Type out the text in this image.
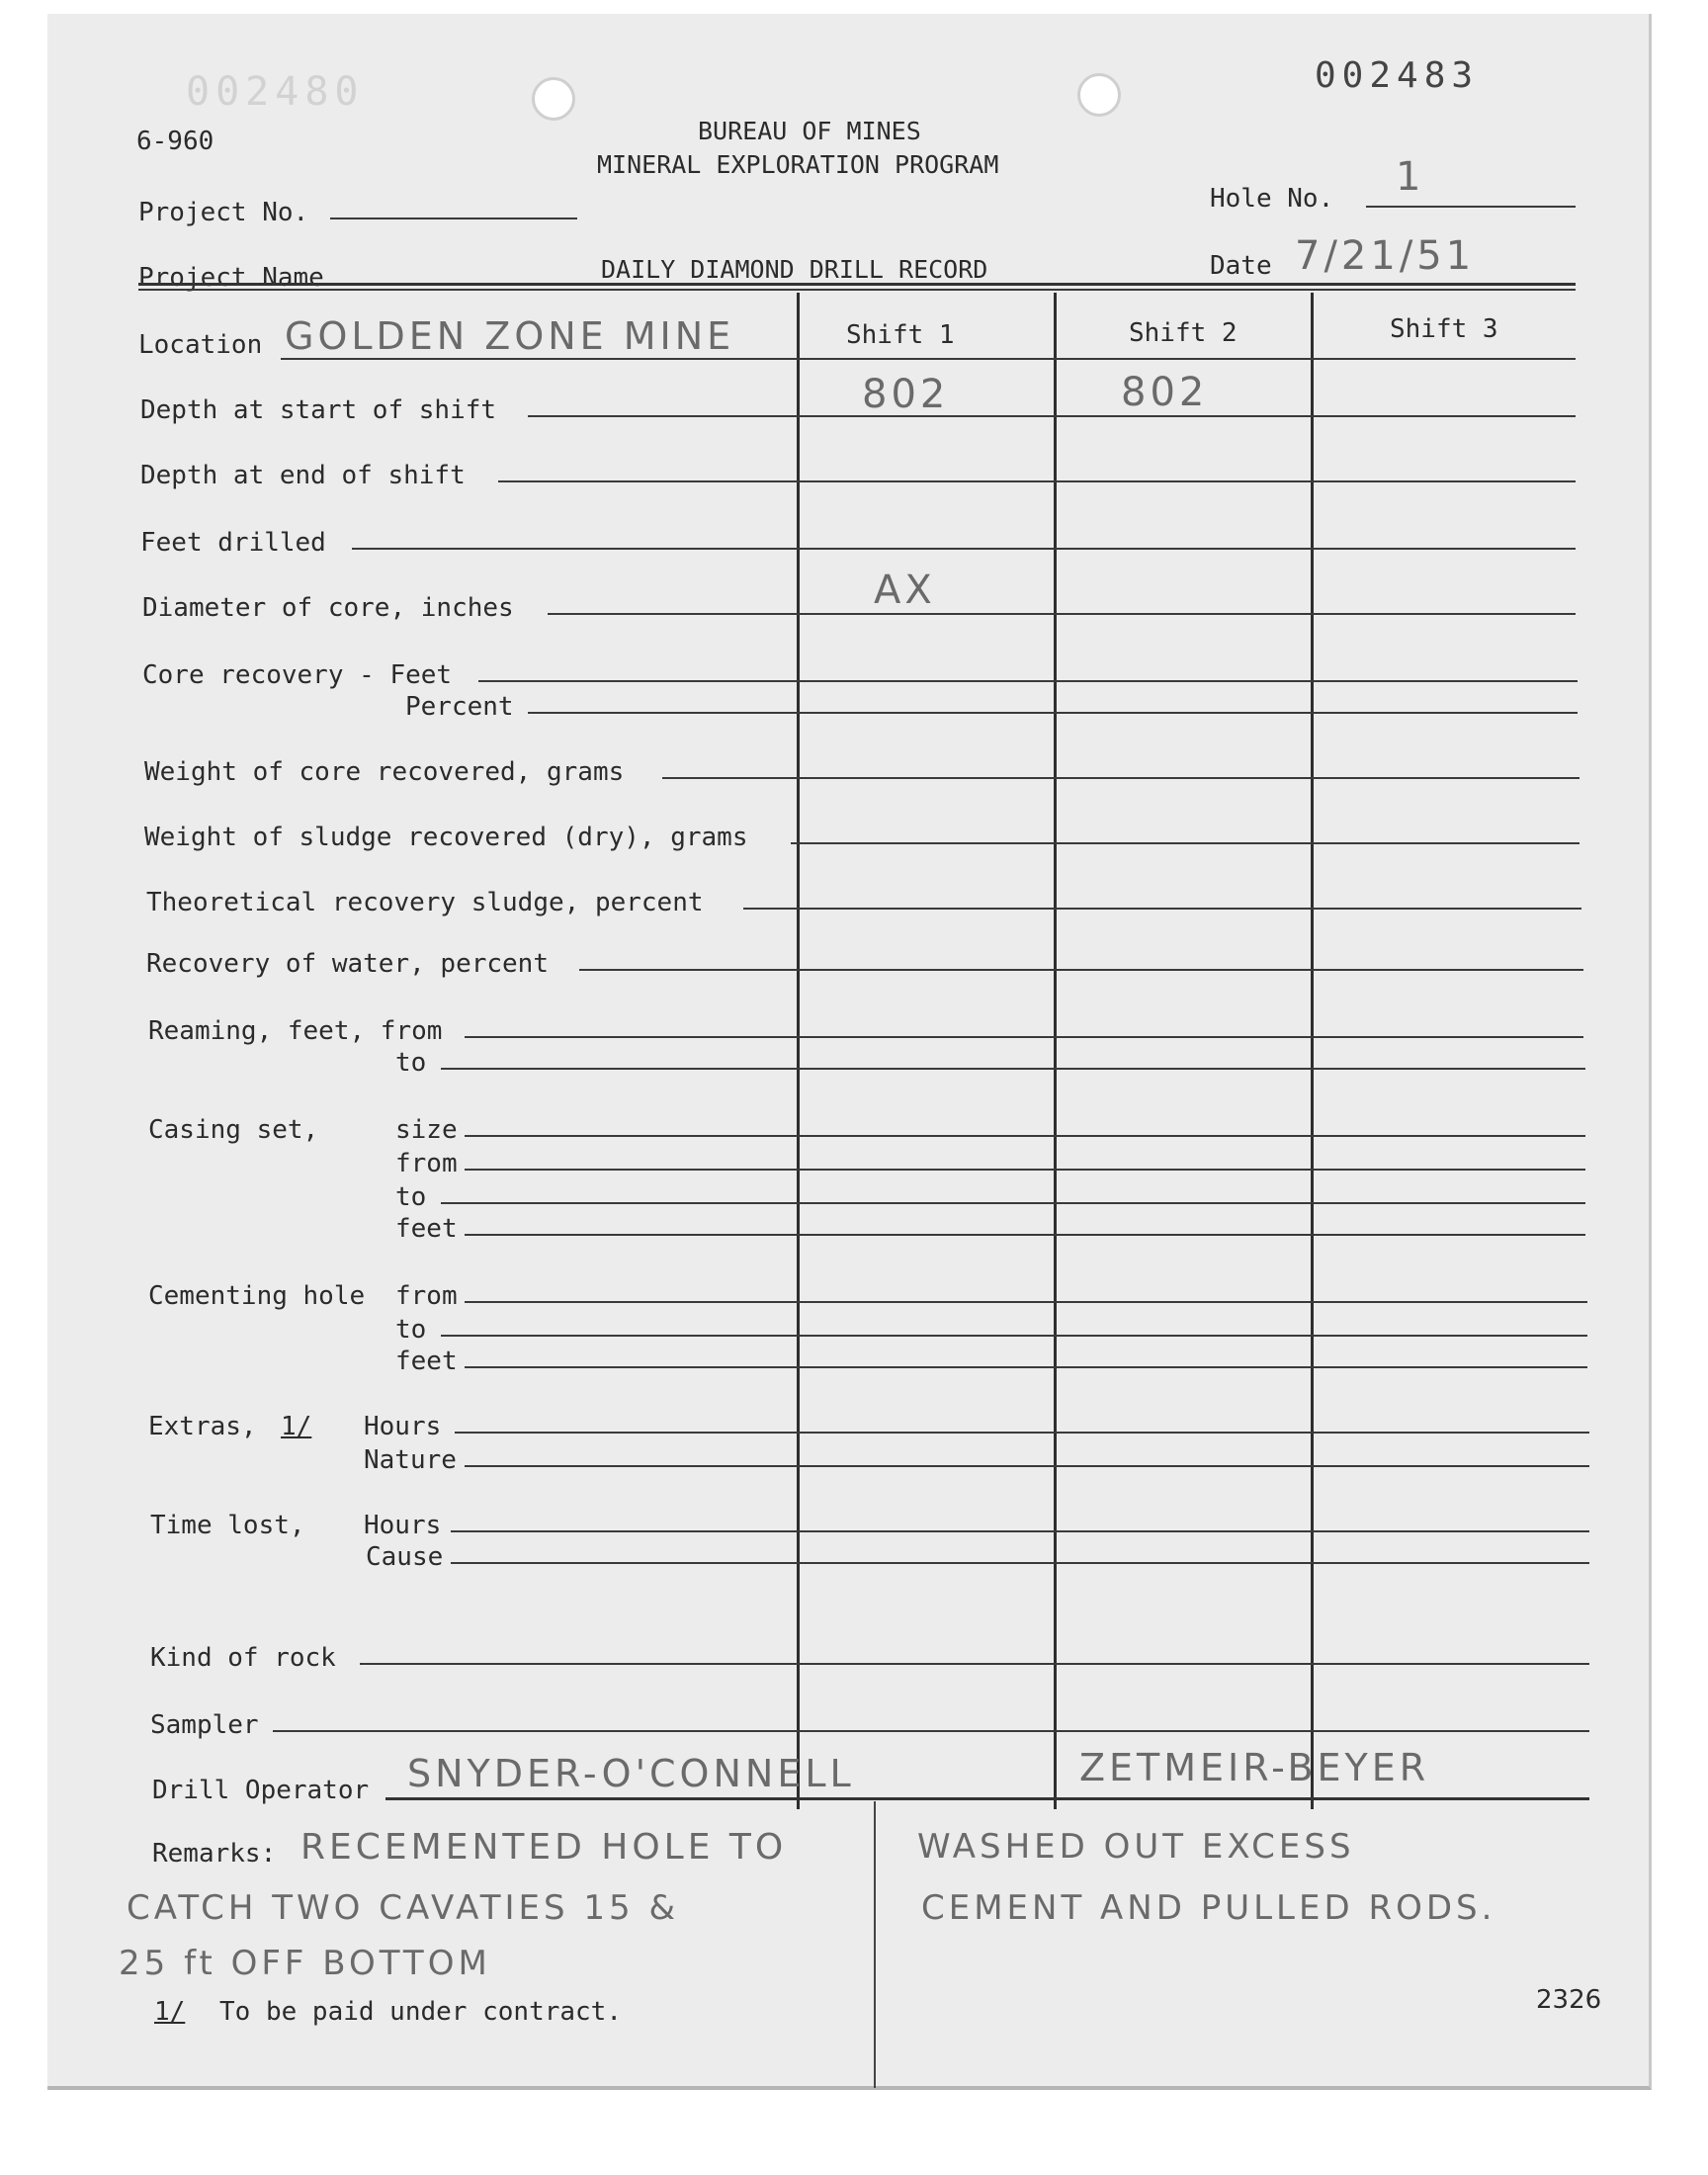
002480	002483
6-960	BUREAU OF MINES
MINERAL EXPLORATION PROGRAM
Project No.	Hole No. 1
Project Name	DAILY DIAMOND DRILL RECORD	Date 7/21/51
Shift 1	Shift 2	Shift 3
Location GOLDEN ZONE MINE
Depth at start of shift	802	802
Depth at end of shift
Feet drilled
Diameter of core, inches	AX
Core recovery - Feet
Percent
Weight of core recovered, grams
Weight of sludge recovered (dry), grams
Theoretical recovery sludge, percent
Recovery of water, percent
Reaming, feet, from
to
Casing set,	size
from
to
feet
Cementing hole from
to
feet
Extras, 1/ Hours
Nature
Time lost, Hours
Cause
Kind of rock
Sampler
Drill Operator SNYDER-O'CONNELL	ZETMEIR-BEYER
Remarks: RECEMENTED HOLE TO
CATCH TWO CAVATIES 15 &
25 ft OFF BOTTOM
WASHED OUT EXCESS
CEMENT AND PULLED RODS.
1/ To be paid under contract.	2326
